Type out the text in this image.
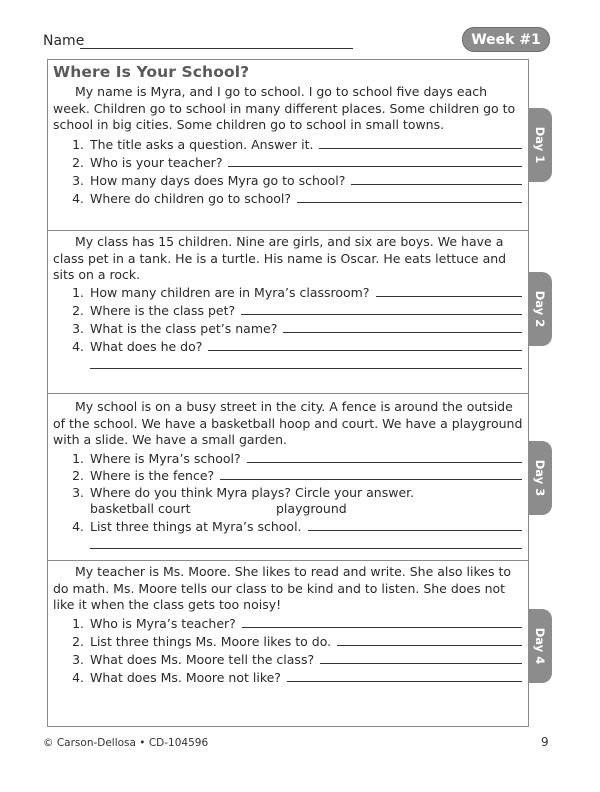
Name	Week #1
Where Is Your School?

My name is Myra, and I go to school. I go to school five days each week. Children go to school in many different places. Some children go to school in big cities. Some children go to school in small towns.

1. The title asks a question. Answer it.
2. Who is your teacher?
3. How many days does Myra go to school?
4. Where do children go to school?

My class has 15 children. Nine are girls, and six are boys. We have a class pet in a tank. He is a turtle. His name is Oscar. He eats lettuce and sits on a rock.

1. How many children are in Myra’s classroom?
2. Where is the class pet?
3. What is the class pet’s name?
4. What does he do?

My school is on a busy street in the city. A fence is around the outside of the school. We have a basketball hoop and court. We have a playground with a slide. We have a small garden.

1. Where is Myra’s school?
2. Where is the fence?
3. Where do you think Myra plays? Circle your answer.
basketball court	playground
4. List three things at Myra’s school.

My teacher is Ms. Moore. She likes to read and write. She also likes to do math. Ms. Moore tells our class to be kind and to listen. She does not like it when the class gets too noisy!

1. Who is Myra’s teacher?
2. List three things Ms. Moore likes to do.
3. What does Ms. Moore tell the class?
4. What does Ms. Moore not like?
Day 1
Day 2
Day 3
Day 4
© Carson-Dellosa • CD-104596	9
